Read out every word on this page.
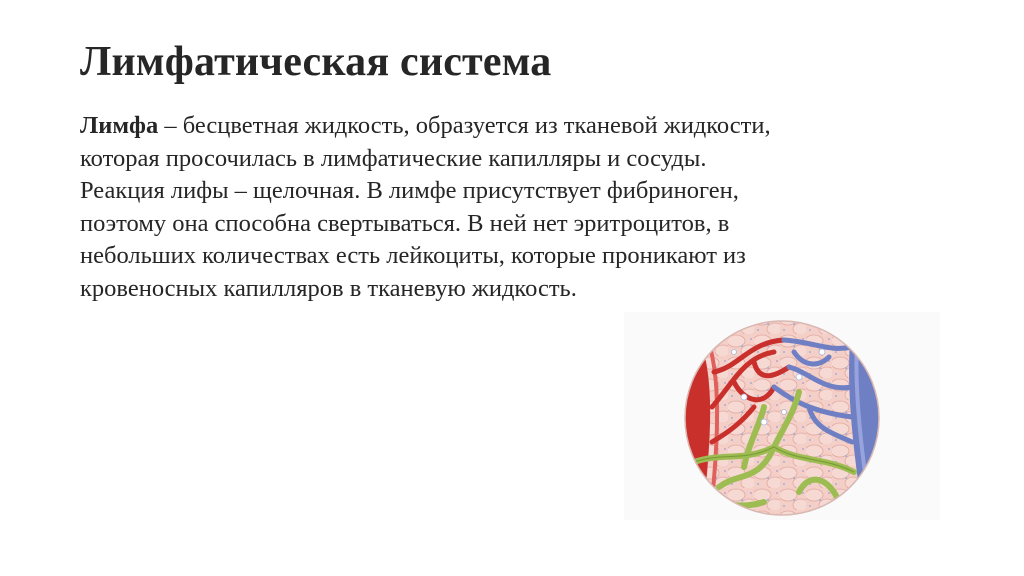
Лимфатическая система
Лимфа – бесцветная жидкость, образуется из тканевой жидкости,
которая просочилась в лимфатические капилляры и сосуды.
Реакция лифы – щелочная. В лимфе присутствует фибриноген,
поэтому она способна свертываться. В ней нет эритроцитов, в
небольших количествах есть лейкоциты, которые проникают из
кровеносных капилляров в тканевую жидкость.
